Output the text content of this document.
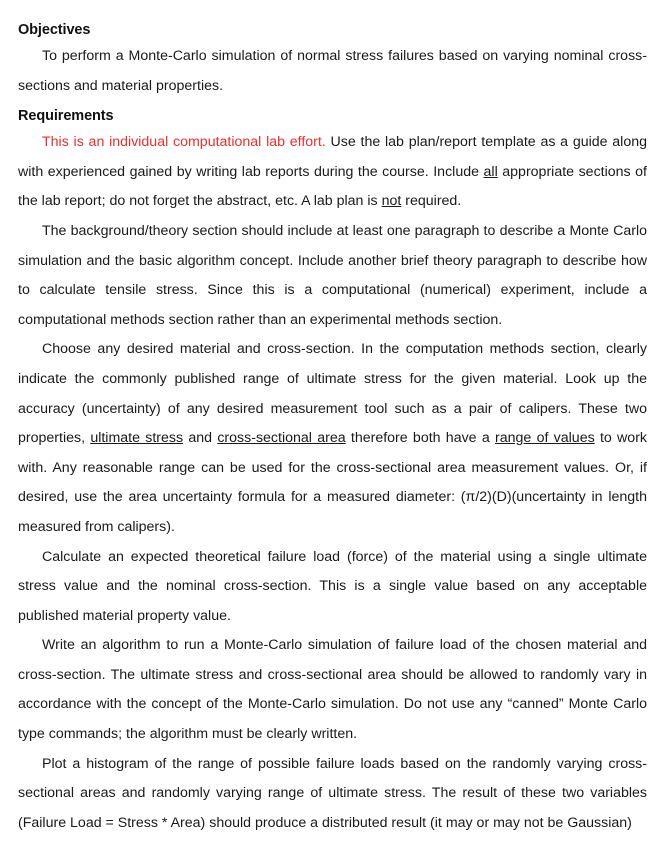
Objectives

To perform a Monte-Carlo simulation of normal stress failures based on varying nominal cross-sections and material properties.

Requirements

This is an individual computational lab effort. Use the lab plan/report template as a guide along with experienced gained by writing lab reports during the course. Include all appropriate sections of the lab report; do not forget the abstract, etc. A lab plan is not required.

The background/theory section should include at least one paragraph to describe a Monte Carlo simulation and the basic algorithm concept. Include another brief theory paragraph to describe how to calculate tensile stress. Since this is a computational (numerical) experiment, include a computational methods section rather than an experimental methods section.

Choose any desired material and cross-section. In the computation methods section, clearly indicate the commonly published range of ultimate stress for the given material. Look up the accuracy (uncertainty) of any desired measurement tool such as a pair of calipers. These two properties, ultimate stress and cross-sectional area therefore both have a range of values to work with. Any reasonable range can be used for the cross-sectional area measurement values. Or, if desired, use the area uncertainty formula for a measured diameter: (π/2)(D)(uncertainty in length measured from calipers).

Calculate an expected theoretical failure load (force) of the material using a single ultimate stress value and the nominal cross-section. This is a single value based on any acceptable published material property value.

Write an algorithm to run a Monte-Carlo simulation of failure load of the chosen material and cross-section. The ultimate stress and cross-sectional area should be allowed to randomly vary in accordance with the concept of the Monte-Carlo simulation. Do not use any “canned” Monte Carlo type commands; the algorithm must be clearly written.

Plot a histogram of the range of possible failure loads based on the randomly varying cross-sectional areas and randomly varying range of ultimate stress. The result of these two variables (Failure Load = Stress * Area) should produce a distributed result (it may or may not be Gaussian)
